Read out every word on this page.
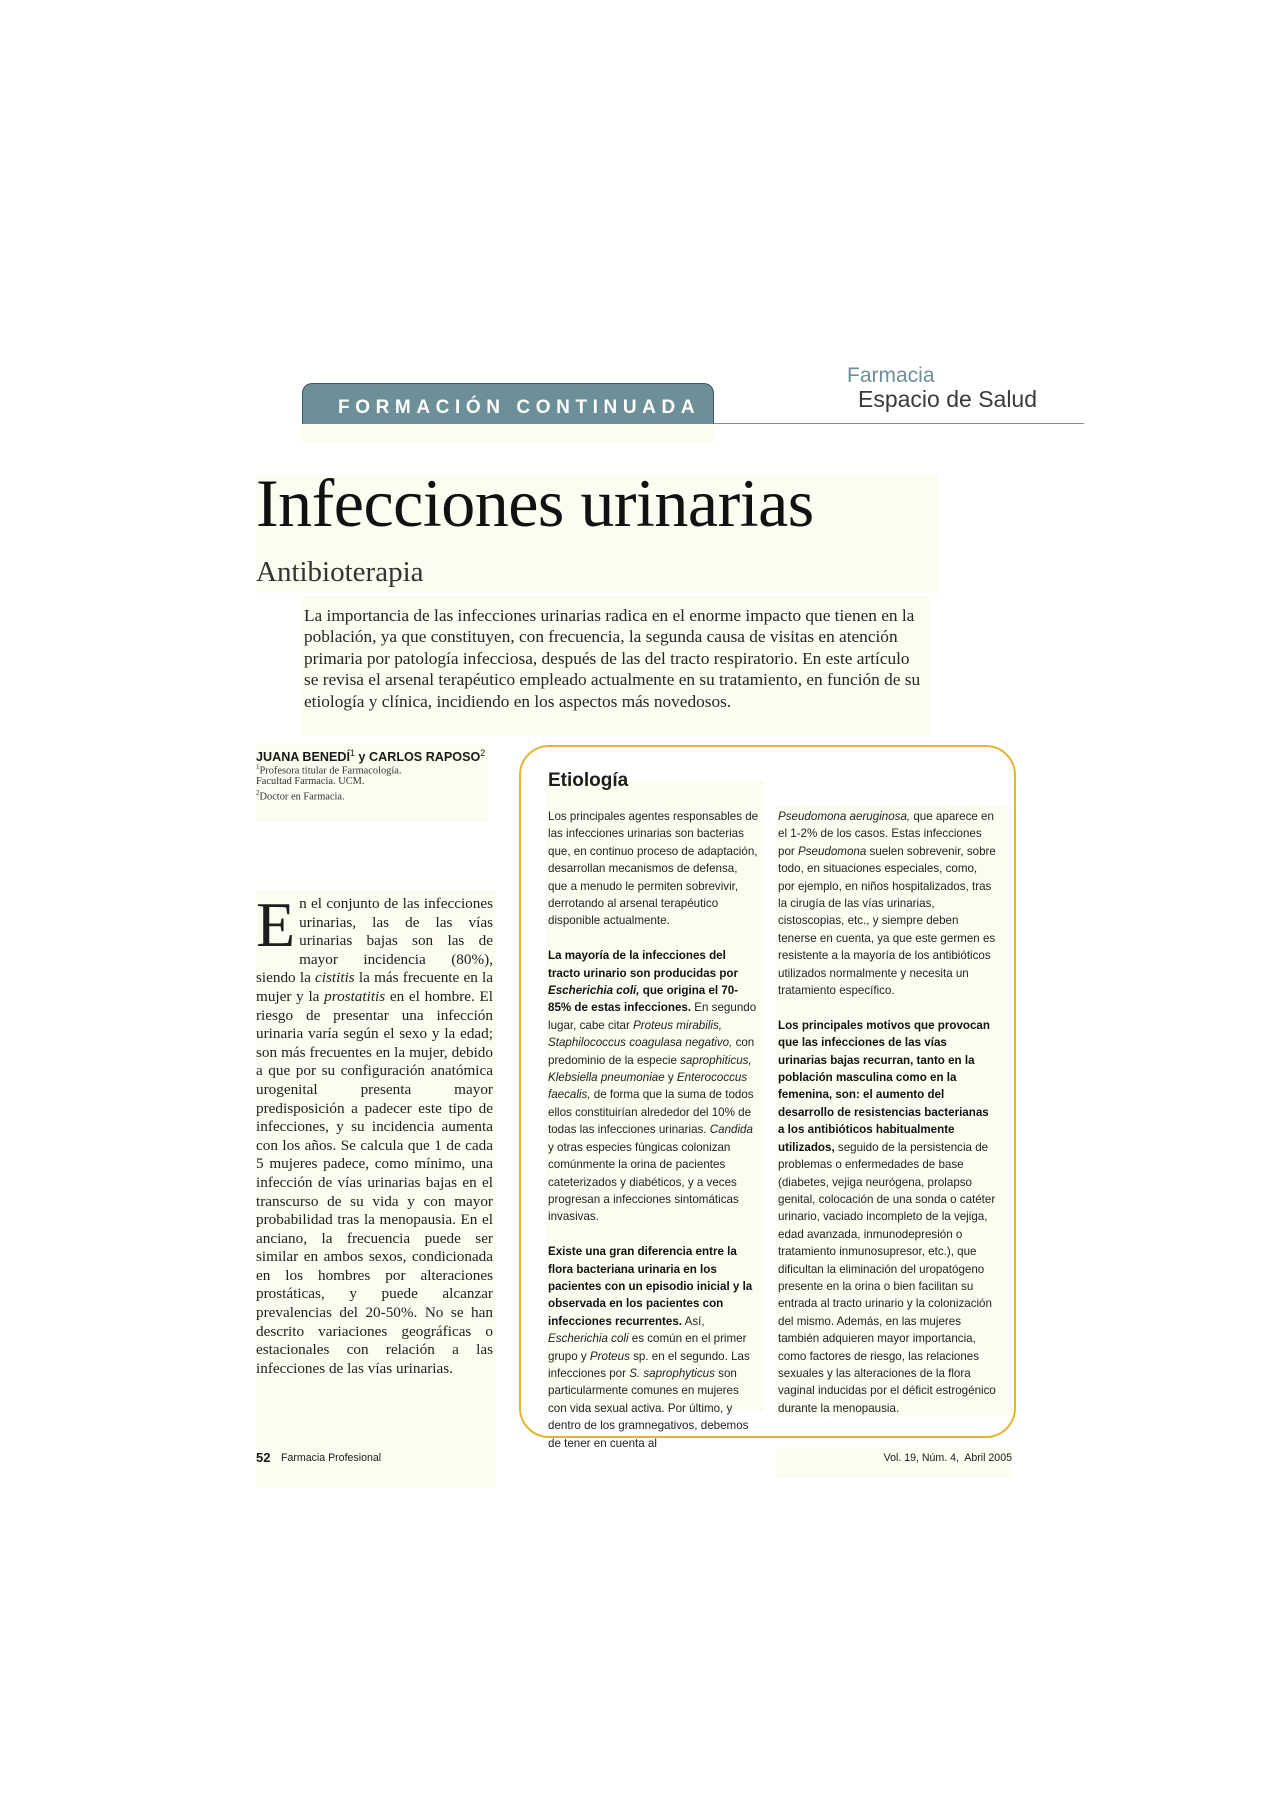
FORMACIÓN CONTINUADA
Farmacia
Espacio de Salud
Infecciones urinarias
Antibioterapia
La importancia de las infecciones urinarias radica en el enorme impacto que tienen en la población, ya que constituyen, con frecuencia, la segunda causa de visitas en atención primaria por patología infecciosa, después de las del tracto respiratorio. En este artículo se revisa el arsenal terapéutico empleado actualmente en su tratamiento, en función de su etiología y clínica, incidiendo en los aspectos más novedosos.
JUANA BENEDÍ$^1$ y CARLOS RAPOSO$^2$
$^1$Profesora titular de Farmacología.
Facultad Farmacia. UCM.
$^2$Doctor en Farmacia.
En el conjunto de las infecciones urinarias, las de las vías urinarias bajas son las de mayor incidencia (80%), siendo la cistitis la más frecuente en la mujer y la prostatitis en el hombre. El riesgo de presentar una infección urinaria varía según el sexo y la edad; son más frecuentes en la mujer, debido a que por su configuración anatómica urogenital presenta mayor predisposición a padecer este tipo de infecciones, y su incidencia aumenta con los años. Se calcula que 1 de cada 5 mujeres padece, como mínimo, una infección de vías urinarias bajas en el transcurso de su vida y con mayor probabilidad tras la menopausia. En el anciano, la frecuencia puede ser similar en ambos sexos, condicionada en los hombres por alteraciones prostáticas, y puede alcanzar prevalencias del 20-50%. No se han descrito variaciones geográficas o estacionales con relación a las infecciones de las vías urinarias.
Etiología

Los principales agentes responsables de las infecciones urinarias son bacterias que, en continuo proceso de adaptación, desarrollan mecanismos de defensa, que a menudo le permiten sobrevivir, derrotando al arsenal terapéutico disponible actualmente.

La mayoría de la infecciones del tracto urinario son producidas por Escherichia coli, que origina el 70-85% de estas infecciones. En segundo lugar, cabe citar Proteus mirabilis, Staphilococcus coagulasa negativo, con predominio de la especie saprophiticus, Klebsiella pneumoniae y Enterococcus faecalis, de forma que la suma de todos ellos constituirían alrededor del 10% de todas las infecciones urinarias. Candida y otras especies fúngicas colonizan comúnmente la orina de pacientes cateterizados y diabéticos, y a veces progresan a infecciones sintomáticas invasivas.

Existe una gran diferencia entre la flora bacteriana urinaria en los pacientes con un episodio inicial y la observada en los pacientes con infecciones recurrentes. Así, Escherichia coli es común en el primer grupo y Proteus sp. en el segundo. Las infecciones por S. saprophyticus son particularmente comunes en mujeres con vida sexual activa. Por último, y dentro de los gramnegativos, debemos de tener en cuenta al

Pseudomona aeruginosa, que aparece en el 1-2% de los casos. Estas infecciones por Pseudomona suelen sobrevenir, sobre todo, en situaciones especiales, como, por ejemplo, en niños hospitalizados, tras la cirugía de las vías urinarias, cistoscopias, etc., y siempre deben tenerse en cuenta, ya que este germen es resistente a la mayoría de los antibióticos utilizados normalmente y necesita un tratamiento específico.

Los principales motivos que provocan que las infecciones de las vías urinarias bajas recurran, tanto en la población masculina como en la femenina, son: el aumento del desarrollo de resistencias bacterianas a los antibióticos habitualmente utilizados, seguido de la persistencia de problemas o enfermedades de base (diabetes, vejiga neurógena, prolapso genital, colocación de una sonda o catéter urinario, vaciado incompleto de la vejiga, edad avanzada, inmunodepresión o tratamiento inmunosupresor, etc.), que dificultan la eliminación del uropatógeno presente en la orina o bien facilitan su entrada al tracto urinario y la colonización del mismo. Además, en las mujeres también adquieren mayor importancia, como factores de riesgo, las relaciones sexuales y las alteraciones de la flora vaginal inducidas por el déficit estrogénico durante la menopausia.

52 Farmacia Profesional	Vol. 19, Núm. 4,  Abril 2005
